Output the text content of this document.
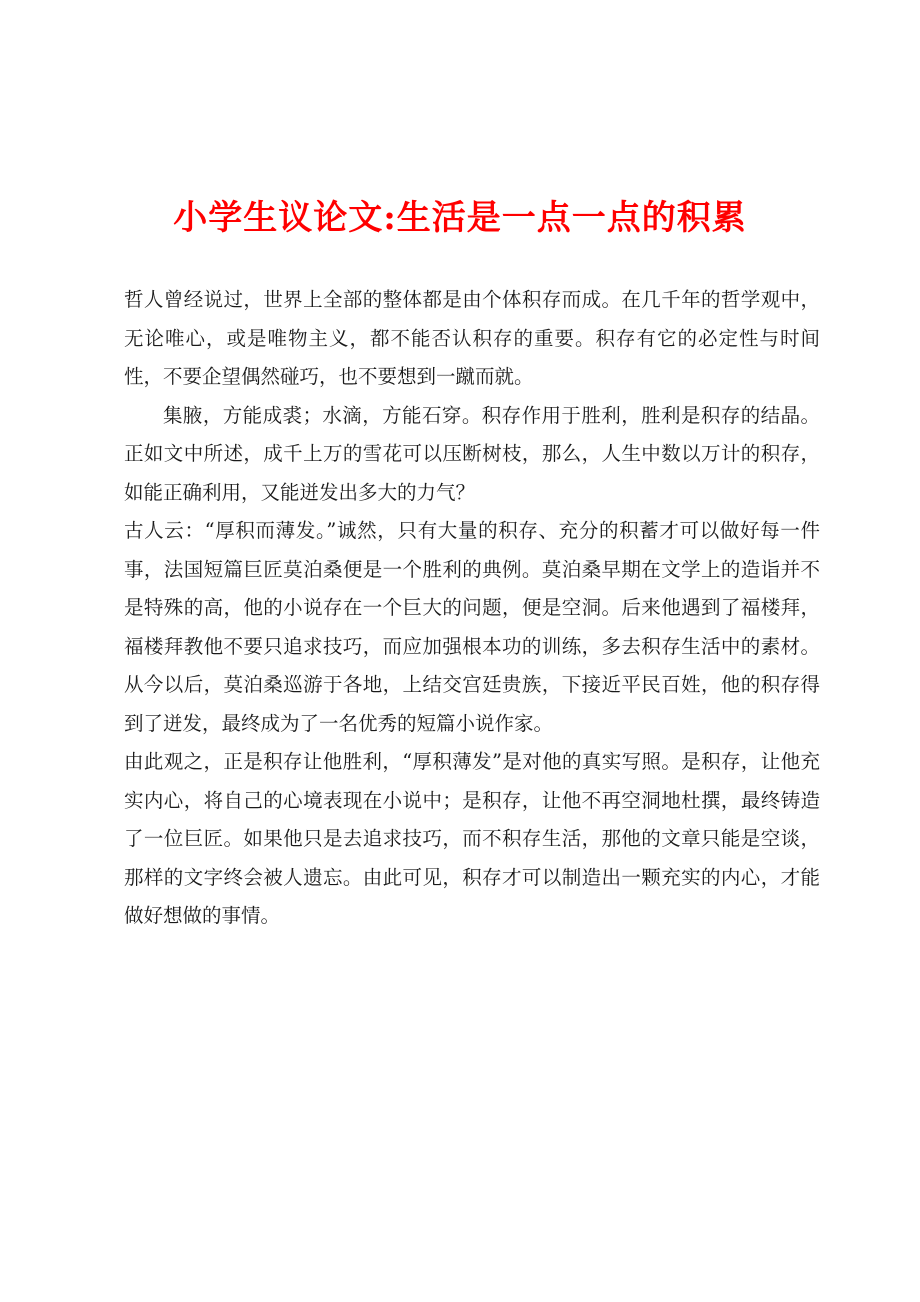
小学生议论文:生活是一点一点的积累

哲人曾经说过，世界上全部的整体都是由个体积存而成。在几千年的哲学观中，无论唯心，或是唯物主义，都不能否认积存的重要。积存有它的必定性与时间性，不要企望偶然碰巧，也不要想到一蹴而就。

集腋，方能成裘；水滴，方能石穿。积存作用于胜利，胜利是积存的结晶。正如文中所述，成千上万的雪花可以压断树枝，那么，人生中数以万计的积存，如能正确利用，又能迸发出多大的力气？

古人云：“厚积而薄发。”诚然，只有大量的积存、充分的积蓄才可以做好每一件事，法国短篇巨匠莫泊桑便是一个胜利的典例。莫泊桑早期在文学上的造诣并不是特殊的高，他的小说存在一个巨大的问题，便是空洞。后来他遇到了福楼拜，福楼拜教他不要只追求技巧，而应加强根本功的训练，多去积存生活中的素材。从今以后，莫泊桑巡游于各地，上结交宫廷贵族，下接近平民百姓，他的积存得到了迸发，最终成为了一名优秀的短篇小说作家。

由此观之，正是积存让他胜利，“厚积薄发”是对他的真实写照。是积存，让他充实内心，将自己的心境表现在小说中；是积存，让他不再空洞地杜撰，最终铸造了一位巨匠。如果他只是去追求技巧，而不积存生活，那他的文章只能是空谈，那样的文字终会被人遗忘。由此可见，积存才可以制造出一颗充实的内心，才能做好想做的事情。
